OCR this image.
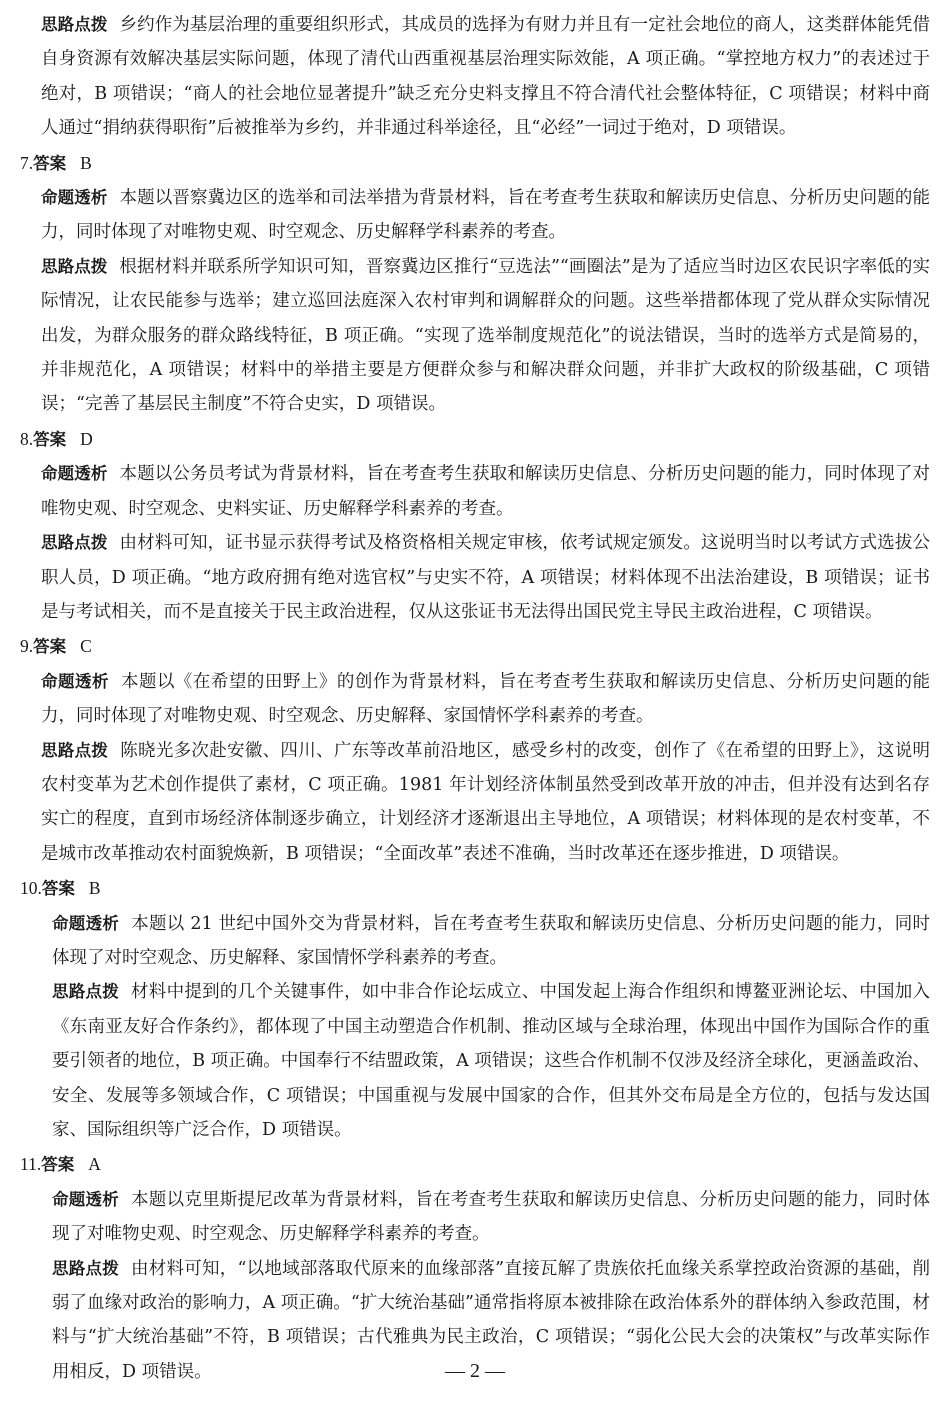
思路点拨 乡约作为基层治理的重要组织形式，其成员的选择为有财力并且有一定社会地位的商人，这类群体能凭借自身资源有效解决基层实际问题，体现了清代山西重视基层治理实际效能，A 项正确。“掌控地方权力”的表述过于绝对，B 项错误；“商人的社会地位显著提升”缺乏充分史料支撑且不符合清代社会整体特征，C 项错误；材料中商人通过“捐纳获得职衔”后被推举为乡约，并非通过科举途径，且“必经”一词过于绝对，D 项错误。

7.答案 B

命题透析 本题以晋察冀边区的选举和司法举措为背景材料，旨在考查考生获取和解读历史信息、分析历史问题的能力，同时体现了对唯物史观、时空观念、历史解释学科素养的考查。

思路点拨 根据材料并联系所学知识可知，晋察冀边区推行“豆选法”“画圈法”是为了适应当时边区农民识字率低的实际情况，让农民能参与选举；建立巡回法庭深入农村审判和调解群众的问题。这些举措都体现了党从群众实际情况出发，为群众服务的群众路线特征，B 项正确。“实现了选举制度规范化”的说法错误，当时的选举方式是简易的，并非规范化，A 项错误；材料中的举措主要是方便群众参与和解决群众问题，并非扩大政权的阶级基础，C 项错误；“完善了基层民主制度”不符合史实，D 项错误。

8.答案 D

命题透析 本题以公务员考试为背景材料，旨在考查考生获取和解读历史信息、分析历史问题的能力，同时体现了对唯物史观、时空观念、史料实证、历史解释学科素养的考查。

思路点拨 由材料可知，证书显示获得考试及格资格相关规定审核，依考试规定颁发。这说明当时以考试方式选拔公职人员，D 项正确。“地方政府拥有绝对选官权”与史实不符，A 项错误；材料体现不出法治建设，B 项错误；证书是与考试相关，而不是直接关于民主政治进程，仅从这张证书无法得出国民党主导民主政治进程，C 项错误。

9.答案 C

命题透析 本题以《在希望的田野上》的创作为背景材料，旨在考查考生获取和解读历史信息、分析历史问题的能力，同时体现了对唯物史观、时空观念、历史解释、家国情怀学科素养的考查。

思路点拨 陈晓光多次赴安徽、四川、广东等改革前沿地区，感受乡村的改变，创作了《在希望的田野上》，这说明农村变革为艺术创作提供了素材，C 项正确。1981 年计划经济体制虽然受到改革开放的冲击，但并没有达到名存实亡的程度，直到市场经济体制逐步确立，计划经济才逐渐退出主导地位，A 项错误；材料体现的是农村变革，不是城市改革推动农村面貌焕新，B 项错误；“全面改革”表述不准确，当时改革还在逐步推进，D 项错误。

10.答案 B

命题透析 本题以 21 世纪中国外交为背景材料，旨在考查考生获取和解读历史信息、分析历史问题的能力，同时体现了对时空观念、历史解释、家国情怀学科素养的考查。

思路点拨 材料中提到的几个关键事件，如中非合作论坛成立、中国发起上海合作组织和博鳌亚洲论坛、中国加入《东南亚友好合作条约》，都体现了中国主动塑造合作机制、推动区域与全球治理，体现出中国作为国际合作的重要引领者的地位，B 项正确。中国奉行不结盟政策，A 项错误；这些合作机制不仅涉及经济全球化，更涵盖政治、安全、发展等多领域合作，C 项错误；中国重视与发展中国家的合作，但其外交布局是全方位的，包括与发达国家、国际组织等广泛合作，D 项错误。

11.答案 A

命题透析 本题以克里斯提尼改革为背景材料，旨在考查考生获取和解读历史信息、分析历史问题的能力，同时体现了对唯物史观、时空观念、历史解释学科素养的考查。

思路点拨 由材料可知，“以地域部落取代原来的血缘部落”直接瓦解了贵族依托血缘关系掌控政治资源的基础，削弱了血缘对政治的影响力，A 项正确。“扩大统治基础”通常指将原本被排除在政治体系外的群体纳入参政范围，材料与“扩大统治基础”不符，B 项错误；古代雅典为民主政治，C 项错误；“弱化公民大会的决策权”与改革实际作用相反，D 项错误。	— 2 —
